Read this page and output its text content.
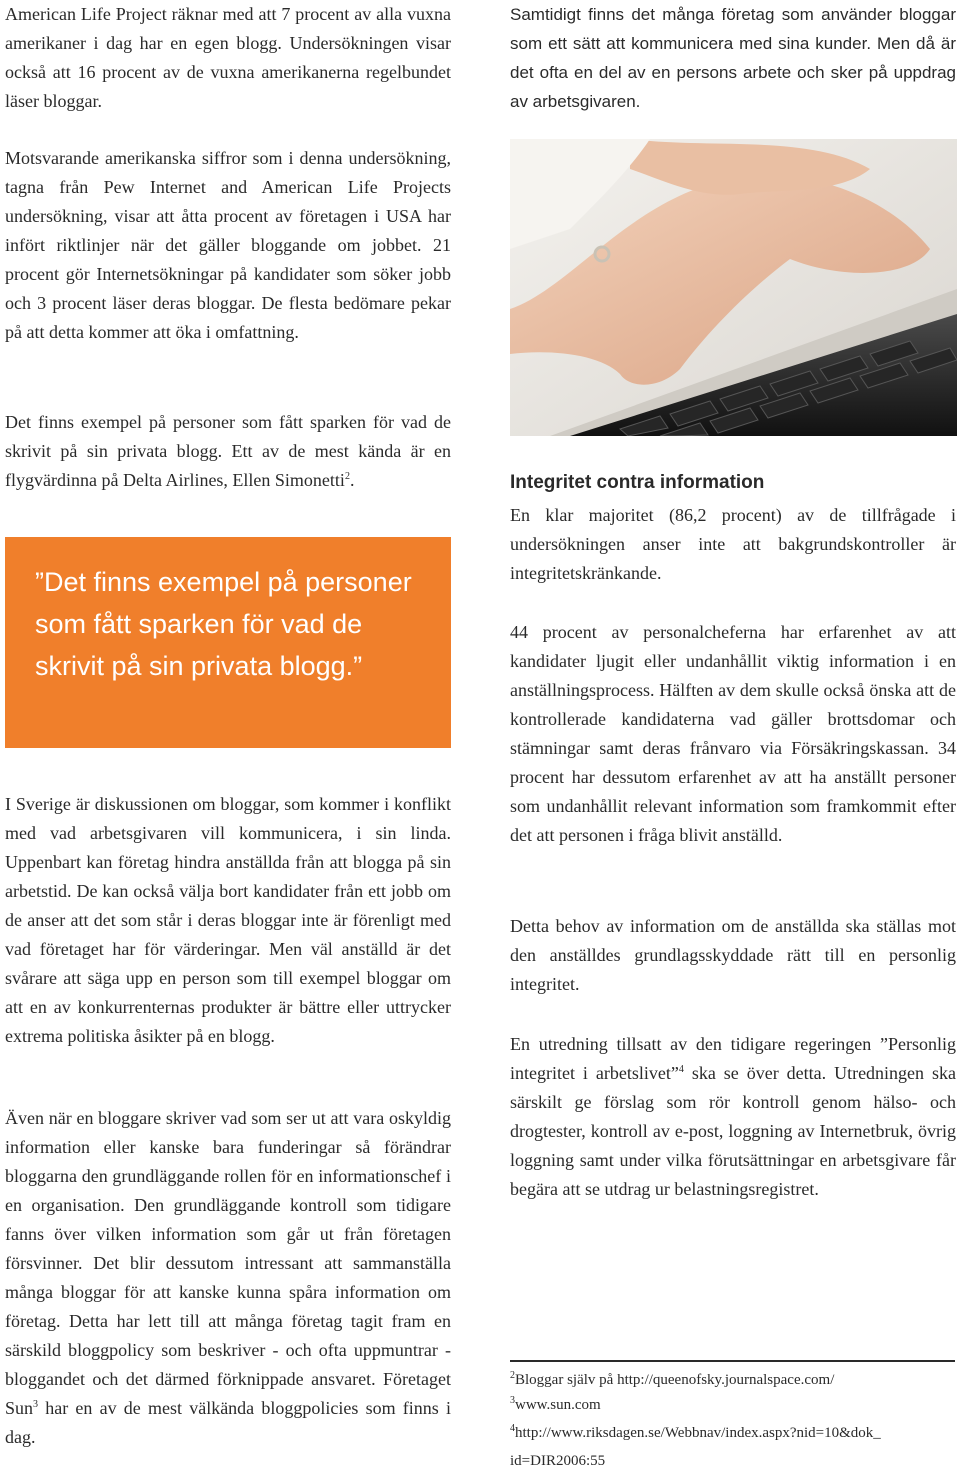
American Life Project räknar med att 7 procent av alla vuxna amerikaner i dag har en egen blogg. Undersökningen visar också att 16 procent av de vuxna amerikanerna regelbundet läser bloggar.

Motsvarande amerikanska siffror som i denna undersökning, tagna från Pew Internet and American Life Projects undersökning, visar att åtta procent av företagen i USA har infört riktlinjer när det gäller bloggande om jobbet. 21 procent gör Internetsökningar på kandidater som söker jobb och 3 procent läser deras bloggar. De flesta bedömare pekar på att detta kommer att öka i omfattning.

Det finns exempel på personer som fått sparken för vad de skrivit på sin privata blogg. Ett av de mest kända är en flygvärdinna på Delta Airlines, Ellen Simonetti$^2$.

”Det finns exempel på personer som fått sparken för vad de skrivit på sin privata blogg.”

I Sverige är diskussionen om bloggar, som kommer i konflikt med vad arbetsgivaren vill kommunicera, i sin linda. Uppenbart kan företag hindra anställda från att blogga på sin arbetstid. De kan också välja bort kandidater från ett jobb om de anser att det som står i deras bloggar inte är förenligt med vad företaget har för värderingar. Men väl anställd är det svårare att säga upp en person som till exempel bloggar om att en av konkurrenternas produkter är bättre eller uttrycker extrema politiska åsikter på en blogg.

Även när en bloggare skriver vad som ser ut att vara oskyldig information eller kanske bara funderingar så förändrar bloggarna den grundläggande rollen för en informationschef i en organisation. Den grundläggande kontroll som tidigare fanns över vilken information som går ut från företagen försvinner. Det blir dessutom intressant att sammanställa många bloggar för att kanske kunna spåra information om företag. Detta har lett till att många företag tagit fram en särskild bloggpolicy som beskriver - och ofta uppmuntrar - bloggandet och det därmed förknippade ansvaret. Företaget Sun$^3$ har en av de mest välkända bloggpolicies som finns i dag.

Samtidigt finns det många företag som använder bloggar som ett sätt att kommunicera med sina kunder. Men då är det ofta en del av en persons arbete och sker på uppdrag av arbetsgivaren.

Integritet contra information

En klar majoritet (86,2 procent) av de tillfrågade i undersökningen anser inte att bakgrundskontroller är integritetskränkande.

44 procent av personalcheferna har erfarenhet av att kandidater ljugit eller undanhållit viktig information i en anställningsprocess. Hälften av dem skulle också önska att de kontrollerade kandidaterna vad gäller brottsdomar och stämningar samt deras frånvaro via Försäkringskassan. 34 procent har dessutom erfarenhet av att ha anställt personer som undanhållit relevant information som framkommit efter det att personen i fråga blivit anställd.

Detta behov av information om de anställda ska ställas mot den anställdes grundlagsskyddade rätt till en personlig integritet.

En utredning tillsatt av den tidigare regeringen ”Personlig integritet i arbetslivet”$^4$ ska se över detta. Utredningen ska särskilt ge förslag som rör kontroll genom hälso- och drogtester, kontroll av e-post, loggning av Internetbruk, övrig loggning samt under vilka förutsättningar en arbetsgivare får begära att se utdrag ur belastningsregistret.

$^2$Bloggar själv på http://queenofsky.journalspace.com/
$^3$www.sun.com
$^4$http://www.riksdagen.se/Webbnav/index.aspx?nid=10&dok_
id=DIR2006:55
